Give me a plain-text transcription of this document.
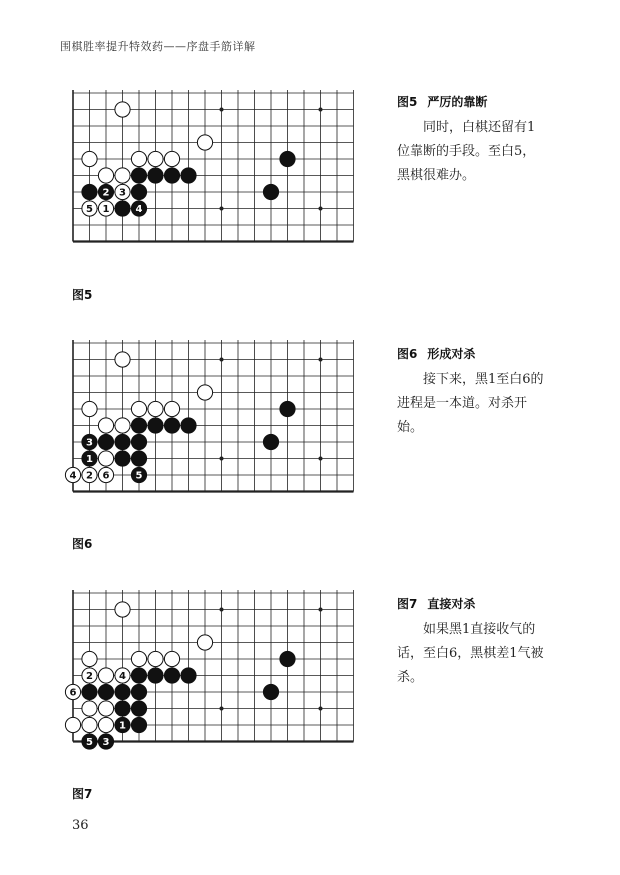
围棋胜率提升特效药——序盘手筋详解
2 3
5 1	4
3
1
4 2 6	5
2	4
6
1
5 3
图5

图5 严厉的靠断

同时，白棋还留有1位靠断的手段。至白5，黑棋很难办。

图6

图6 形成对杀

接下来，黑1至白6的进程是一本道。对杀开始。

图7

图7 直接对杀

如果黑1直接收气的话，至白6，黑棋差1气被杀。

36
